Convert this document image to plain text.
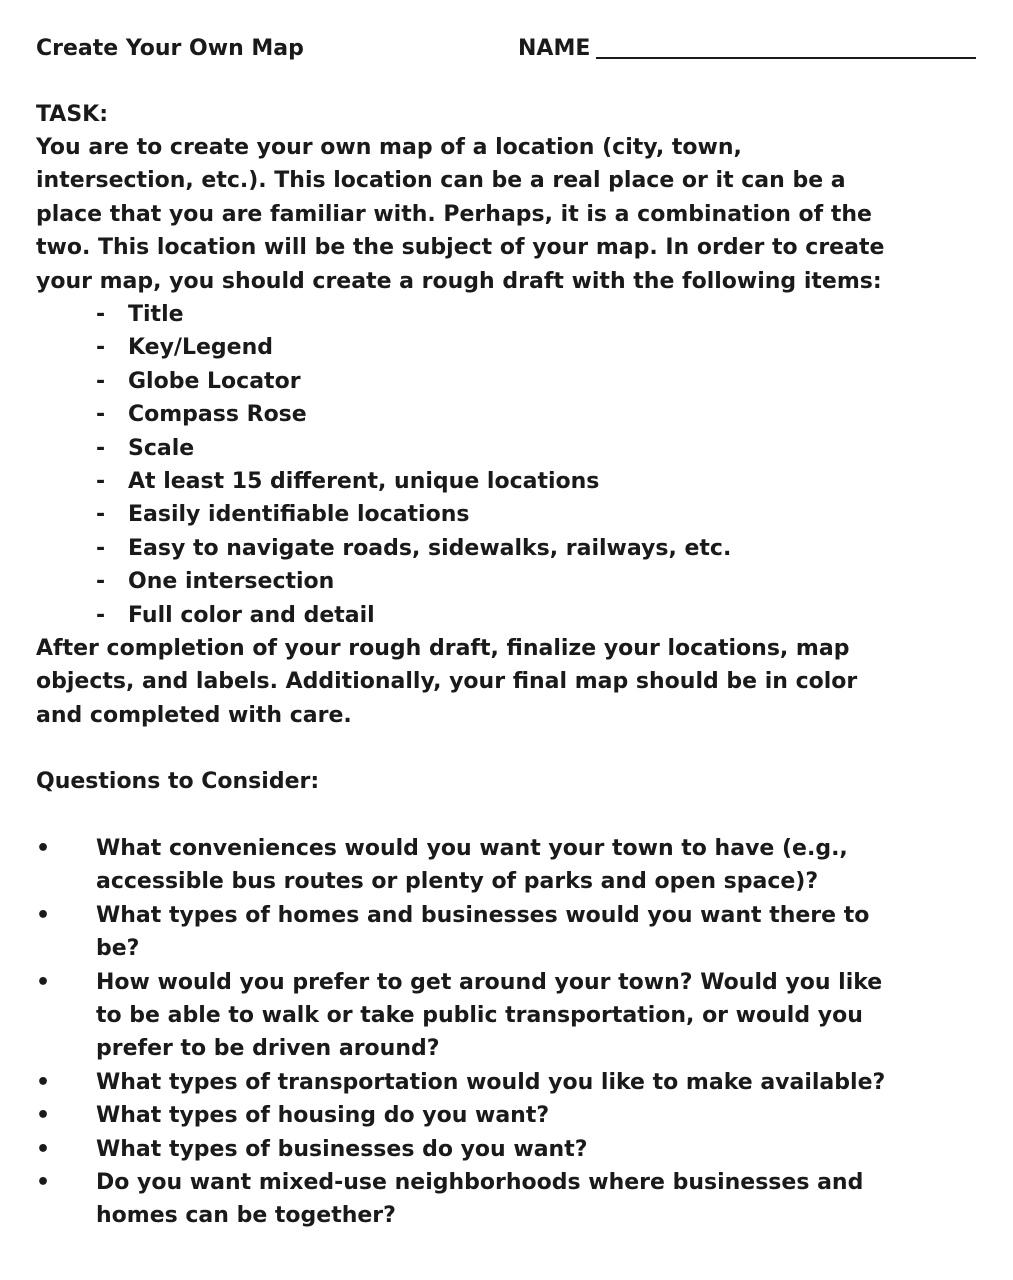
Create Your Own Map	NAME
TASK:

You are to create your own map of a location (city, town,
intersection, etc.). This location can be a real place or it can be a
place that you are familiar with. Perhaps, it is a combination of the
two. This location will be the subject of your map. In order to create
your map, you should create a rough draft with the following items:

-	Title
-	Key/Legend
-	Globe Locator
-	Compass Rose
-	Scale
-	At least 15 different, unique locations
-	Easily identifiable locations
-	Easy to navigate roads, sidewalks, railways, etc.
-	One intersection
-	Full color and detail

After completion of your rough draft, finalize your locations, map
objects, and labels. Additionally, your final map should be in color
and completed with care.

Questions to Consider:
• What conveniences would you want your town to have (e.g.,
accessible bus routes or plenty of parks and open space)?
• What types of homes and businesses would you want there to
be?
• How would you prefer to get around your town? Would you like
to be able to walk or take public transportation, or would you
prefer to be driven around?
• What types of transportation would you like to make available?
• What types of housing do you want?
• What types of businesses do you want?
• Do you want mixed-use neighborhoods where businesses and
homes can be together?
